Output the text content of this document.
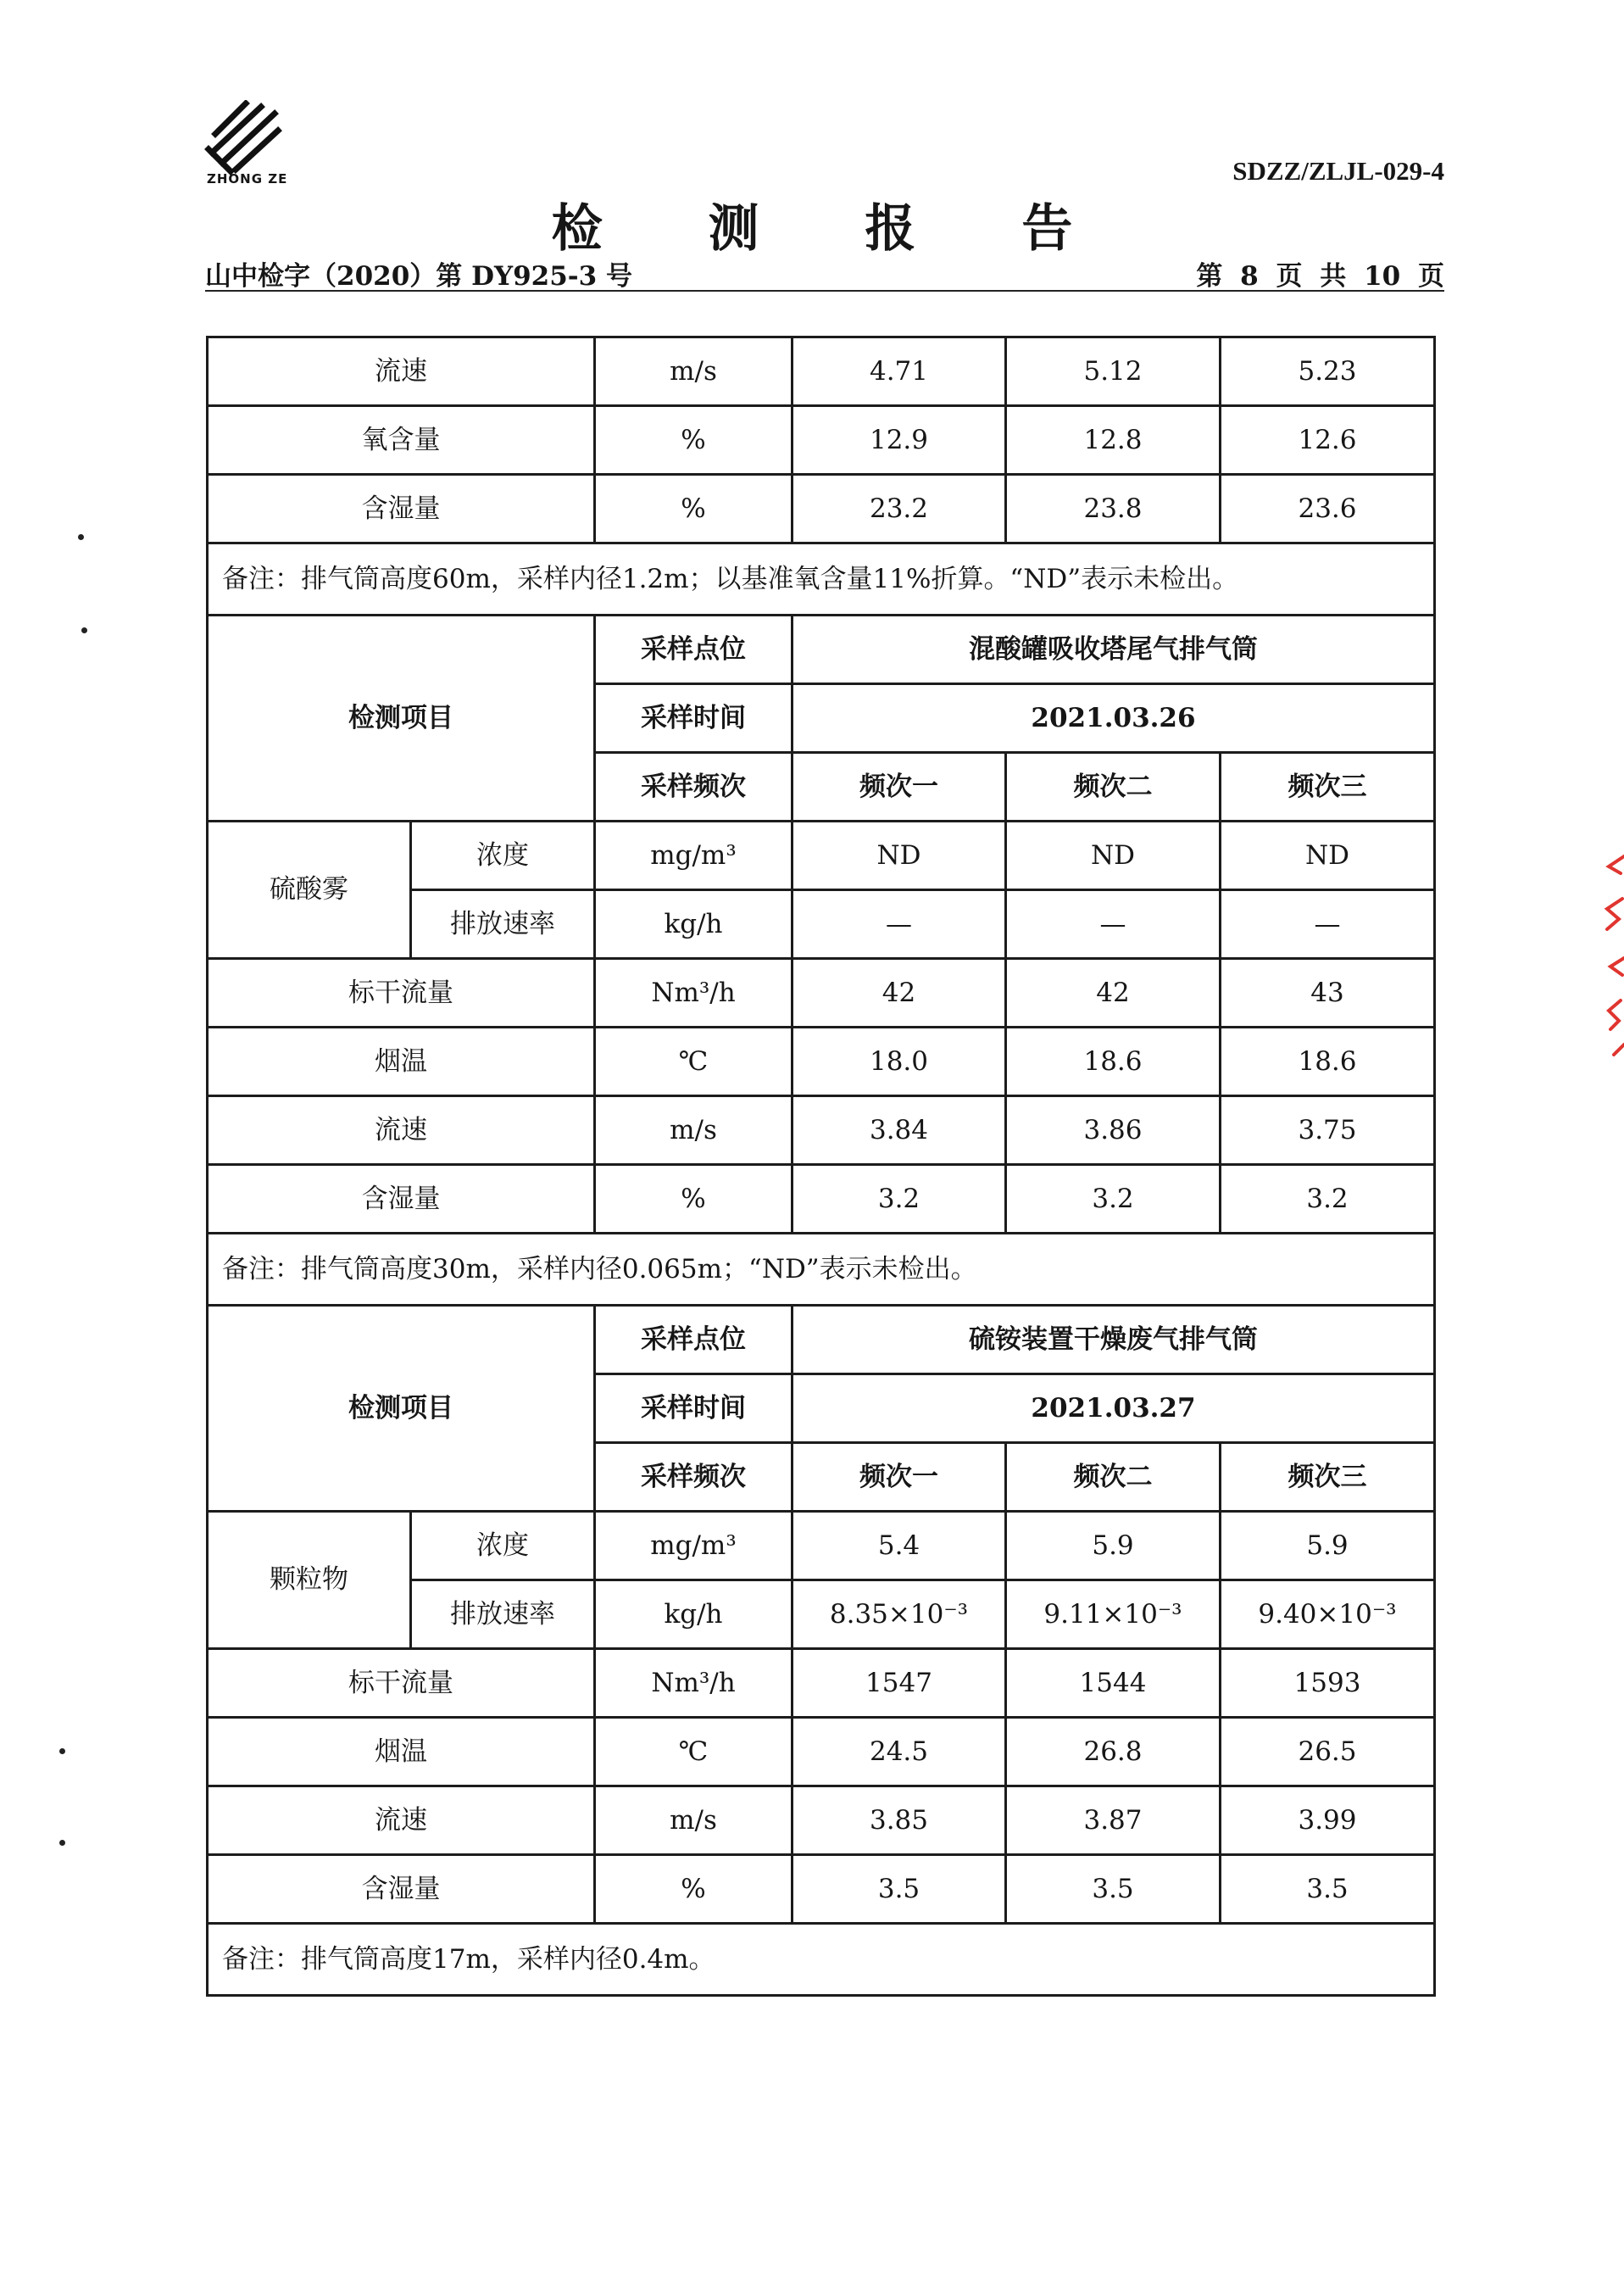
ZHONG ZE	SDZZ/ZLJL-029-4
检 测 报 告
山中检字（2020）第 DY925-3 号	第 8 页 共 10 页
流速		m/s	4.71	5.12	5.23
氧含量		%	12.9	12.8	12.6
含湿量		%	23.2	23.8	23.6
备注：排气筒高度60m，采样内径1.2m；以基准氧含量11%折算。“ND”表示未检出。					
检测项目		采样点位	混酸罐吸收塔尾气排气筒		
		采样时间	2021.03.26		
		采样频次	频次一	频次二	频次三
硫酸雾	浓度	mg/m³	ND	ND	ND
	排放速率	kg/h	—	—	—
标干流量		Nm³/h	42	42	43
烟温		℃	18.0	18.6	18.6
流速		m/s	3.84	3.86	3.75
含湿量		%	3.2	3.2	3.2
备注：排气筒高度30m，采样内径0.065m；“ND”表示未检出。					
检测项目		采样点位	硫铵装置干燥废气排气筒		
		采样时间	2021.03.27		
		采样频次	频次一	频次二	频次三
颗粒物	浓度	mg/m³	5.4	5.9	5.9
	排放速率	kg/h	8.35×10⁻³	9.11×10⁻³	9.40×10⁻³
标干流量		Nm³/h	1547	1544	1593
烟温		℃	24.5	26.8	26.5
流速		m/s	3.85	3.87	3.99
含湿量		%	3.5	3.5	3.5
备注：排气筒高度17m，采样内径0.4m。					
